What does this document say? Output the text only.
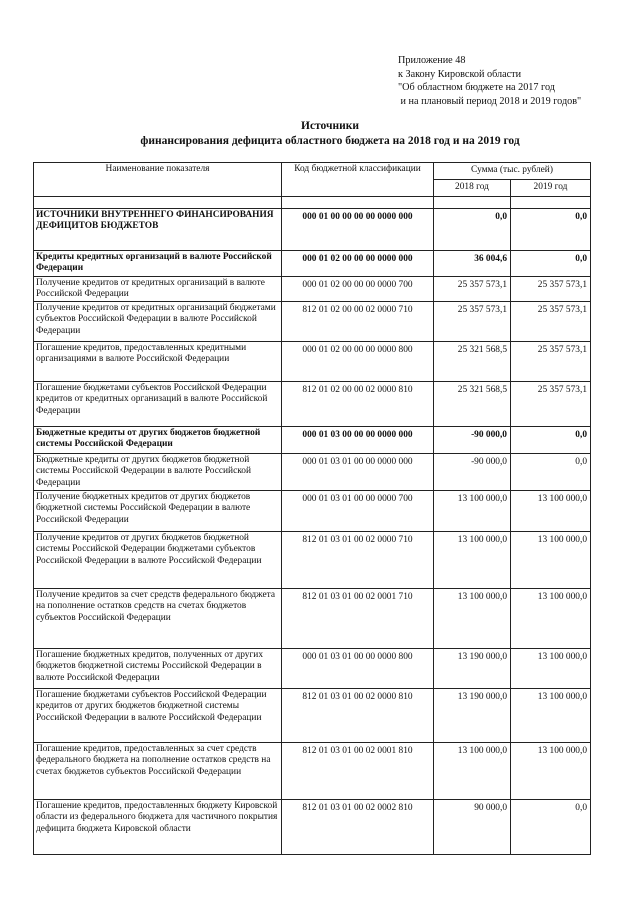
Приложение 48
к Закону Кировской области
"Об областном бюджете на 2017 год
и на плановый период 2018 и 2019 годов"
Источники
финансирования дефицита областного бюджета на 2018 год и на 2019 год
Наименование показателя	Код бюджетной классификации	Сумма (тыс. рублей)	
		2018 год	2019 год

ИСТОЧНИКИ ВНУТРЕННЕГО ФИНАНСИРОВАНИЯ ДЕФИЦИТОВ БЮДЖЕТОВ	000 01 00 00 00 00 0000 000	0,0	0,0
Кредиты кредитных организаций в валюте Российской Федерации	000 01 02 00 00 00 0000 000	36 004,6	0,0
Получение кредитов от кредитных организаций в валюте Российской Федерации	000 01 02 00 00 00 0000 700	25 357 573,1	25 357 573,1
Получение кредитов от кредитных организаций бюджетами субъектов Российской Федерации в валюте Российской Федерации	812 01 02 00 00 02 0000 710	25 357 573,1	25 357 573,1
Погашение кредитов, предоставленных кредитными организациями в валюте Российской Федерации	000 01 02 00 00 00 0000 800	25 321 568,5	25 357 573,1
Погашение бюджетами субъектов Российской Федерации кредитов от кредитных организаций в валюте Российской Федерации	812 01 02 00 00 02 0000 810	25 321 568,5	25 357 573,1
Бюджетные кредиты от других бюджетов бюджетной системы Российской Федерации	000 01 03 00 00 00 0000 000	-90 000,0	0,0
Бюджетные кредиты от других бюджетов бюджетной системы Российской Федерации в валюте Российской Федерации	000 01 03 01 00 00 0000 000	-90 000,0	0,0
Получение бюджетных кредитов от других бюджетов бюджетной системы Российской Федерации в валюте Российской Федерации	000 01 03 01 00 00 0000 700	13 100 000,0	13 100 000,0
Получение кредитов от других бюджетов бюджетной системы Российской Федерации бюджетами субъектов Российской Федерации в валюте Российской Федерации	812 01 03 01 00 02 0000 710	13 100 000,0	13 100 000,0
Получение кредитов за счет средств федерального бюджета на пополнение остатков средств на счетах бюджетов субъектов Российской Федерации	812 01 03 01 00 02 0001 710	13 100 000,0	13 100 000,0
Погашение бюджетных кредитов, полученных от других бюджетов бюджетной системы Российской Федерации в валюте Российской Федерации	000 01 03 01 00 00 0000 800	13 190 000,0	13 100 000,0
Погашение бюджетами субъектов Российской Федерации кредитов от других бюджетов бюджетной системы Российской Федерации в валюте Российской Федерации	812 01 03 01 00 02 0000 810	13 190 000,0	13 100 000,0
Погашение кредитов, предоставленных за счет средств федерального бюджета на пополнение остатков средств на счетах бюджетов субъектов Российской Федерации	812 01 03 01 00 02 0001 810	13 100 000,0	13 100 000,0
Погашение кредитов, предоставленных бюджету Кировской области из федерального бюджета для частичного покрытия дефицита бюджета Кировской области	812 01 03 01 00 02 0002 810	90 000,0	0,0
